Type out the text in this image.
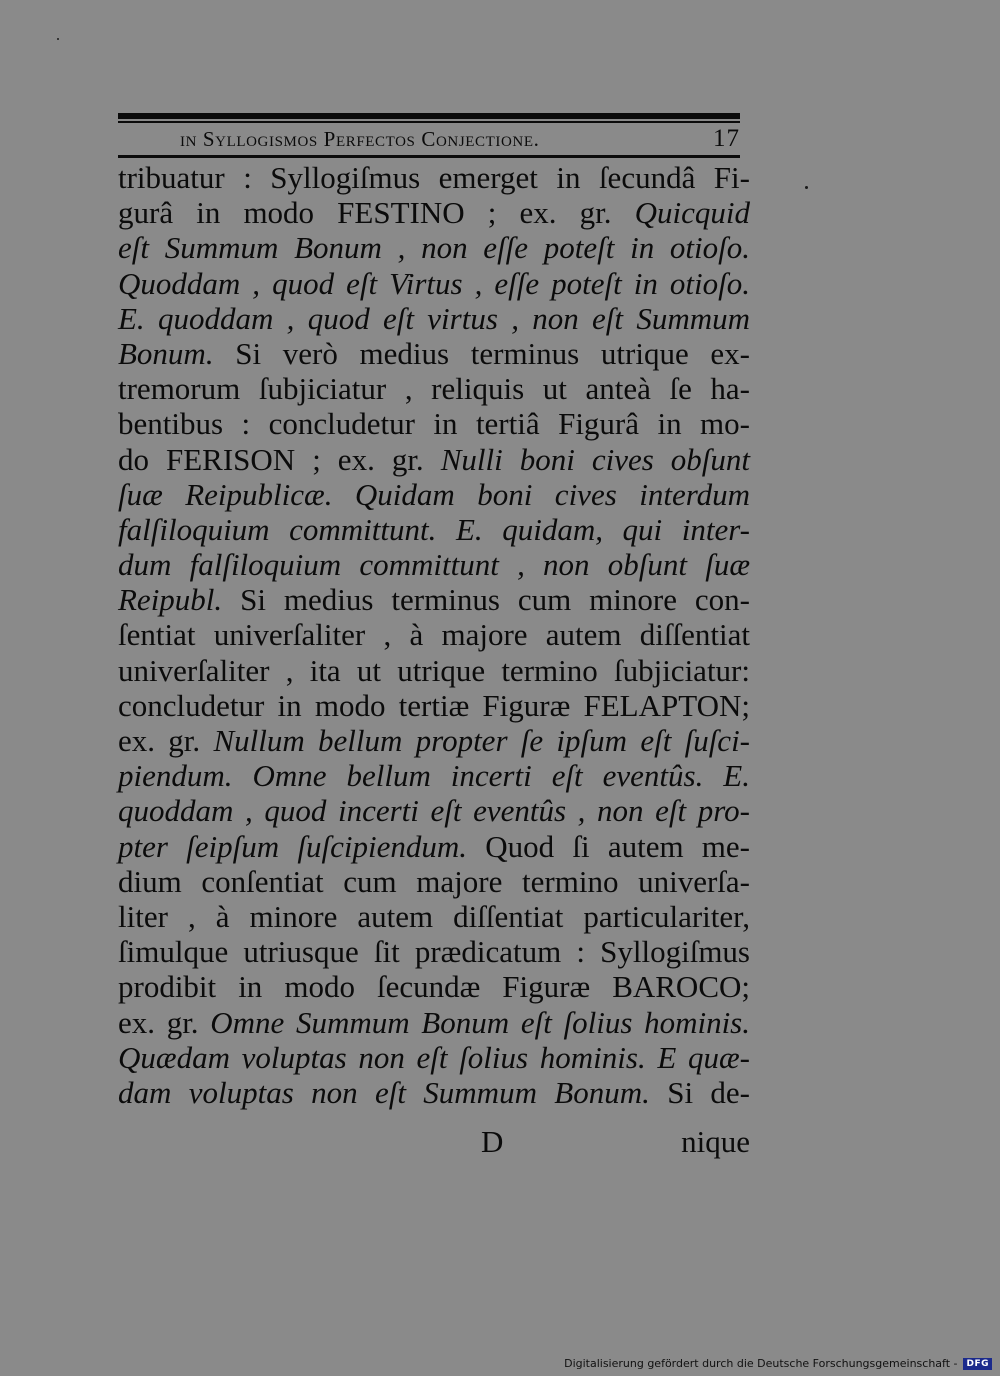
in Syllogismos Perfectos Conjectione.	17
tribuatur : Syllogiſmus emerget in ſecundâ Fi-
gurâ in modo FESTINO ; ex. gr. Quicquid
eſt Summum Bonum , non eſſe poteſt in otioſo.
Quoddam , quod eſt Virtus , eſſe poteſt in otioſo.
E. quoddam , quod eſt virtus , non eſt Summum
Bonum. Si verò medius terminus utrique ex-
tremorum ſubjiciatur , reliquis ut anteà ſe ha-
bentibus : concludetur in tertiâ Figurâ in mo-
do FERISON ; ex. gr. Nulli boni cives obſunt
ſuæ Reipublicæ. Quidam boni cives interdum
falſiloquium committunt. E. quidam, qui inter-
dum falſiloquium committunt , non obſunt ſuæ
Reipubl. Si medius terminus cum minore con-
ſentiat univerſaliter , à majore autem diſſentiat
univerſaliter , ita ut utrique termino ſubjiciatur:
concludetur in modo tertiæ Figuræ FELAPTON;
ex. gr. Nullum bellum propter ſe ipſum eſt ſuſci-
piendum. Omne bellum incerti eſt eventûs. E.
quoddam , quod incerti eſt eventûs , non eſt pro-
pter ſeipſum ſuſcipiendum. Quod ſi autem me-
dium conſentiat cum majore termino univerſa-
liter , à minore autem diſſentiat particulariter,
ſimulque utriusque ſit prædicatum : Syllogiſmus
prodibit in modo ſecundæ Figuræ BAROCO;
ex. gr. Omne Summum Bonum eſt ſolius hominis.
Quædam voluptas non eſt ſolius hominis. E quæ-
dam voluptas non eſt Summum Bonum. Si de-
D	nique
Digitalisierung gefördert durch die Deutsche Forschungsgemeinschaft -	DFG
